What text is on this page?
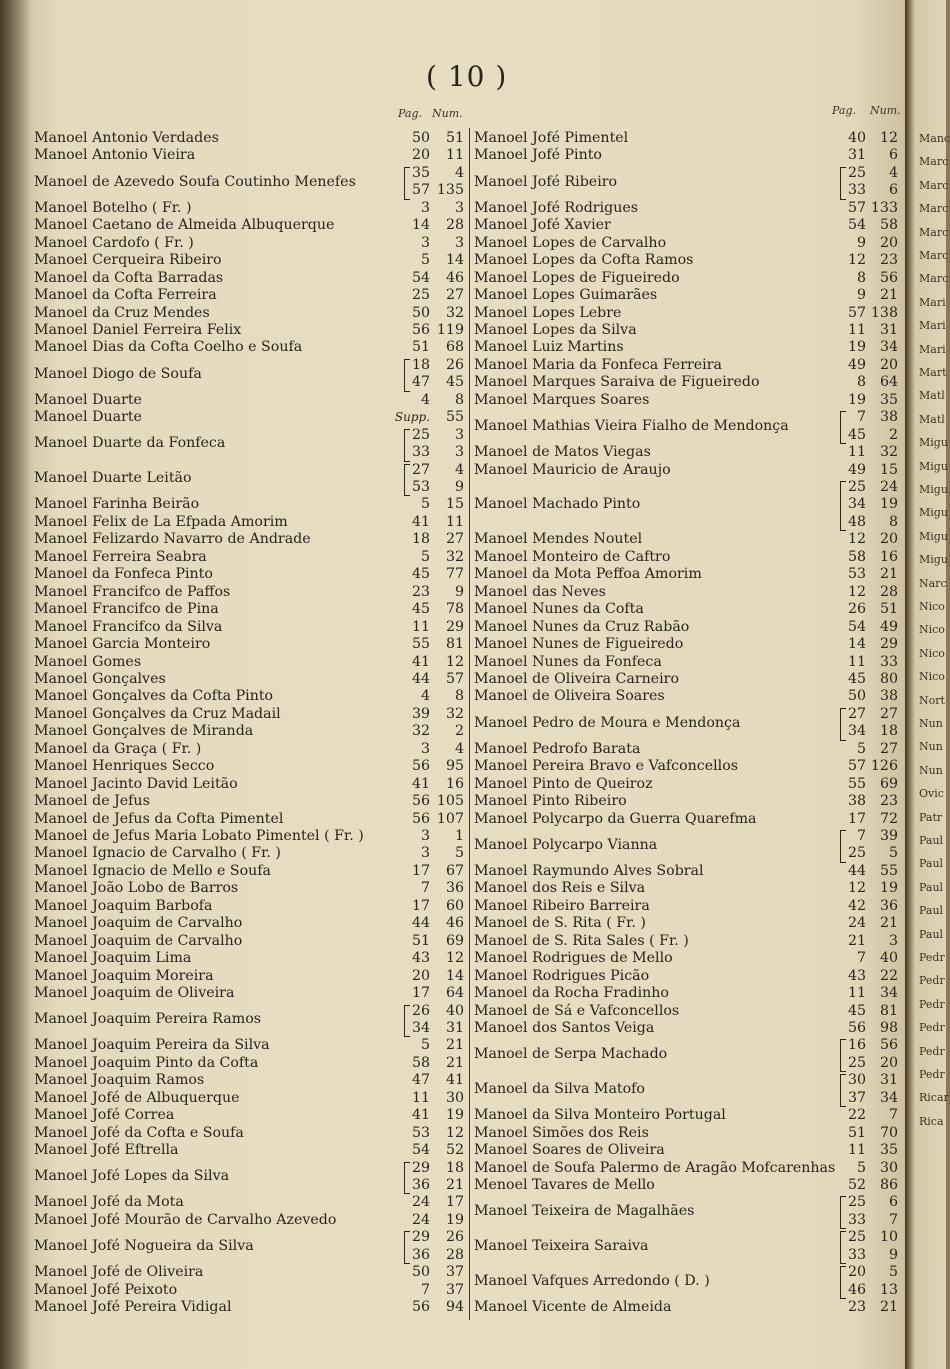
( 10 )
Pag. Num.	Pag. Num.
Manoel Antonio Verdades	50	51
Manoel Antonio Vieira	20	11
Manoel de Azevedo Soufa Coutinho Menefes
35	4
57 135
Manoel Botelho ( Fr. )	3	3
Manoel Caetano de Almeida Albuquerque	14	28
Manoel Cardofo ( Fr. )	3	3
Manoel Cerqueira Ribeiro	5	14
Manoel da Cofta Barradas	54	46
Manoel da Cofta Ferreira	25	27
Manoel da Cruz Mendes	50	32
Manoel Daniel Ferreira Felix	56 119
Manoel Dias da Cofta Coelho e Soufa	51	68
Manoel Diogo de Soufa
18	26
47	45
Manoel Duarte	4	8
Manoel Duarte	Supp.	55
Manoel Duarte da Fonfeca
25	3
33	3
Manoel Duarte Leitão
27	4
53	9
Manoel Farinha Beirão	5	15
Manoel Felix de La Efpada Amorim	41	11
Manoel Felizardo Navarro de Andrade	18	27
Manoel Ferreira Seabra	5	32
Manoel da Fonfeca Pinto	45	77
Manoel Francifco de Paffos	23	9
Manoel Francifco de Pina	45	78
Manoel Francifco da Silva	11	29
Manoel Garcia Monteiro	55	81
Manoel Gomes	41	12
Manoel Gonçalves	44	57
Manoel Gonçalves da Cofta Pinto	4	8
Manoel Gonçalves da Cruz Madail	39	32
Manoel Gonçalves de Miranda	32	2
Manoel da Graça ( Fr. )	3	4
Manoel Henriques Secco	56	95
Manoel Jacinto David Leitão	41	16
Manoel de Jefus	56 105
Manoel de Jefus da Cofta Pimentel	56 107
Manoel de Jefus Maria Lobato Pimentel ( Fr. )	3	1
Manoel Ignacio de Carvalho ( Fr. )	3	5
Manoel Ignacio de Mello e Soufa	17	67
Manoel João Lobo de Barros	7	36
Manoel Joaquim Barbofa	17	60
Manoel Joaquim de Carvalho	44	46
Manoel Joaquim de Carvalho	51	69
Manoel Joaquim Lima	43	12
Manoel Joaquim Moreira	20	14
Manoel Joaquim de Oliveira	17	64
Manoel Joaquim Pereira Ramos
26	40
34	31
Manoel Joaquim Pereira da Silva	5	21
Manoel Joaquim Pinto da Cofta	58	21
Manoel Joaquim Ramos	47	41
Manoel Jofé de Albuquerque	11	30
Manoel Jofé Correa	41	19
Manoel Jofé da Cofta e Soufa	53	12
Manoel Jofé Eftrella	54	52
Manoel Jofé Lopes da Silva
29	18
36	21
Manoel Jofé da Mota	24	17
Manoel Jofé Mourão de Carvalho Azevedo	24	19
Manoel Jofé Nogueira da Silva
29	26
36	28
Manoel Jofé de Oliveira	50	37
Manoel Jofé Peixoto	7	37
Manoel Jofé Pereira Vidigal	56	94
Manoel Jofé Pimentel	40 12
Manoel Jofé Pinto	31	6
Manoel Jofé Ribeiro
25	4
33	6
Manoel Jofé Rodrigues	57 133
Manoel Jofé Xavier	54 58
Manoel Lopes de Carvalho	9 20
Manoel Lopes da Cofta Ramos	12 23
Manoel Lopes de Figueiredo	8 56
Manoel Lopes Guimarães	9 21
Manoel Lopes Lebre	57 138
Manoel Lopes da Silva	11 31
Manoel Luiz Martins	19 34
Manoel Maria da Fonfeca Ferreira	49 20
Manoel Marques Saraiva de Figueiredo	8 64
Manoel Marques Soares	19 35
Manoel Mathias Vieira Fialho de Mendonça
7 38
45	2
Manoel de Matos Viegas	11 32
Manoel Mauricio de Araujo	49 15
Manoel Machado Pinto
25 24
34 19
48	8
Manoel Mendes Noutel	12 20
Manoel Monteiro de Caftro	58 16
Manoel da Mota Peffoa Amorim	53 21
Manoel das Neves	12 28
Manoel Nunes da Cofta	26 51
Manoel Nunes da Cruz Rabão	54 49
Manoel Nunes de Figueiredo	14 29
Manoel Nunes da Fonfeca	11 33
Manoel de Oliveira Carneiro	45 80
Manoel de Oliveira Soares	50 38
Manoel Pedro de Moura e Mendonça
27 27
34 18
Manoel Pedrofo Barata	5 27
Manoel Pereira Bravo e Vafconcellos	57 126
Manoel Pinto de Queiroz	55 69
Manoel Pinto Ribeiro	38 23
Manoel Polycarpo da Guerra Quarefma	17 72
Manoel Polycarpo Vianna
7 39
25	5
Manoel Raymundo Alves Sobral	44 55
Manoel dos Reis e Silva	12 19
Manoel Ribeiro Barreira	42 36
Manoel de S. Rita ( Fr. )	24 21
Manoel de S. Rita Sales ( Fr. )	21	3
Manoel Rodrigues de Mello	7 40
Manoel Rodrigues Picão	43 22
Manoel da Rocha Fradinho	11 34
Manoel de Sá e Vafconcellos	45 81
Manoel dos Santos Veiga	56 98
Manoel de Serpa Machado
16 56
25 20
Manoel da Silva Matofo
30 31
37 34
Manoel da Silva Monteiro Portugal	22	7
Manoel Simões dos Reis	51 70
Manoel Soares de Oliveira	11 35
Manoel de Soufa Palermo de Aragão Mofcarenhas	5 30
Menoel Tavares de Mello	52 86
Manoel Teixeira de Magalhães
25	6
33	7
Manoel Teixeira Saraiva
25 10
33	9
Manoel Vafques Arredondo ( D. )
20	5
46 13
Manoel Vicente de Almeida	23 21
Manc
Marc
Marc
Marc
Marc
Marc
Marc
Mari
Mari
Mari
Mart
Matl
Matl
Migu
Migu
Migu
Migu
Migu
Migu
Narc
Nico
Nico
Nico
Nico
Nort
Nun
Nun
Nun
Ovic
Patr
Paul
Paul
Paul
Paul
Paul
Pedr
Pedr
Pedr
Pedr
Pedr
Pedr
Ricar
Rica
